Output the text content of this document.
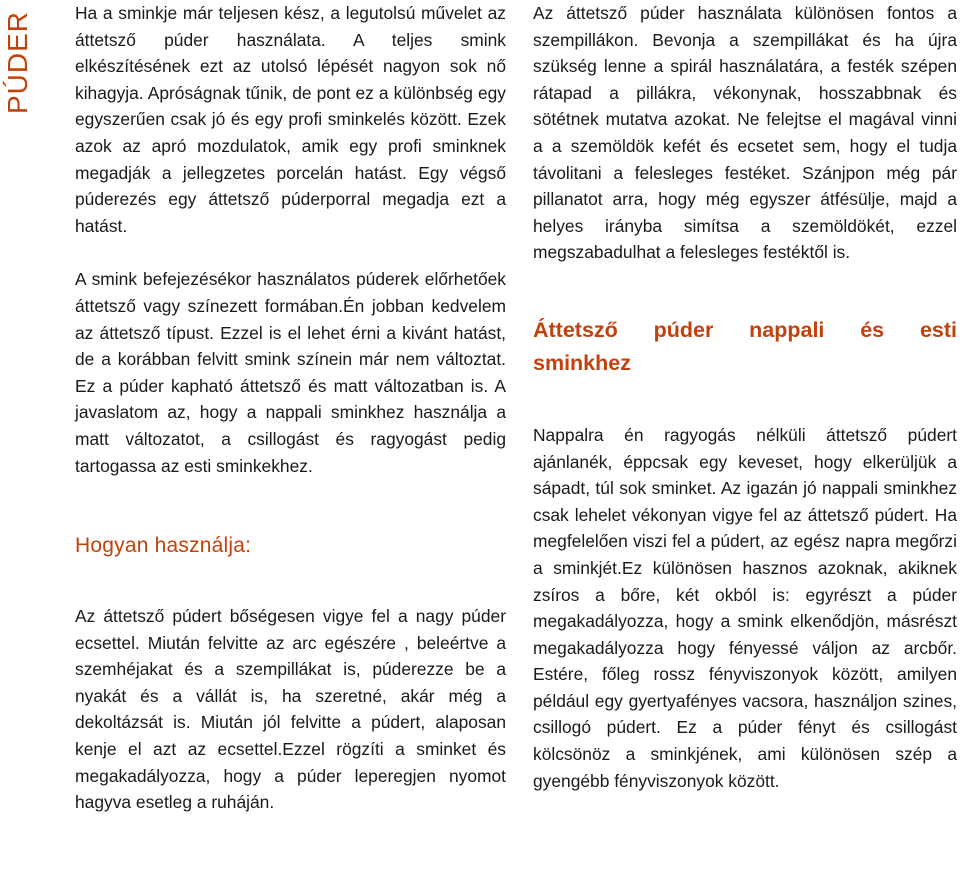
PÚDER	Ha a sminkje már teljesen kész, a legutolsú művelet az áttetsző púder használata. A teljes smink elkészítésének ezt az utolsó lépését nagyon sok nő kihagyja. Apróságnak tűnik, de pont ez a különbség egy egyszerűen csak jó és egy profi sminkelés között. Ezek azok az apró mozdulatok, amik egy profi sminknek megadják a jellegzetes porcelán hatást. Egy végső púderezés egy áttetsző púderporral megadja ezt a hatást.

A smink befejezésékor használatos púderek előrhetőek áttetsző vagy színezett formában.Én jobban kedvelem az áttetsző típust. Ezzel is el lehet érni a kivánt hatást, de a korábban felvitt smink színein már nem változtat. Ez a púder kapható áttetsző és matt változatban is. A javaslatom az, hogy a nappali sminkhez használja a matt változatot, a csillogást és ragyogást pedig tartogassa az esti sminkekhez.

Hogyan használja:

Az áttetsző púdert bőségesen vigye fel a nagy púder ecsettel. Miután felvitte az arc egészére , beleértve a szemhéjakat és a szempillákat is, púderezze be a nyakát és a vállát is, ha szeretné, akár még a dekoltázsát is. Miután jól felvitte a púdert, alaposan kenje el azt az ecsettel.Ezzel rögzíti a sminket és megakadályozza, hogy a púder leperegjen nyomot hagyva esetleg a ruháján.

Az áttetsző púder használata különösen fontos a szempillákon. Bevonja a szempillákat és ha újra szükség lenne a spirál használatára, a festék szépen rátapad a pillákra, vékonynak, hosszabbnak és sötétnek mutatva azokat. Ne felejtse el magával vinni a a szemöldök kefét és ecsetet sem, hogy el tudja távolitani a felesleges festéket. Szánjpon még pár pillanatot arra, hogy még egyszer átfésülje, majd a helyes irányba simítsa a szemöldökét, ezzel megszabadulhat a felesleges festéktől is.

Áttetsző púder nappali és esti
sminkhez

Nappalra én ragyogás nélküli áttetsző púdert ajánlanék, éppcsak egy keveset, hogy elkerüljük a sápadt, túl sok sminket. Az igazán jó nappali sminkhez csak lehelet vékonyan vigye fel az áttetsző púdert. Ha megfelelően viszi fel a púdert, az egész napra megőrzi a sminkjét.Ez különösen hasznos azoknak, akiknek zsíros a bőre, két okból is: egyrészt a púder megakadályozza, hogy a smink elkenődjön, másrészt megakadályozza hogy fényessé váljon az arcbőr. Estére, főleg rossz fényviszonyok között, amilyen például egy gyertyafényes vacsora, használjon szines, csillogó púdert. Ez a púder fényt és csillogást kölcsönöz a sminkjének, ami különösen szép a gyengébb fényviszonyok között.
